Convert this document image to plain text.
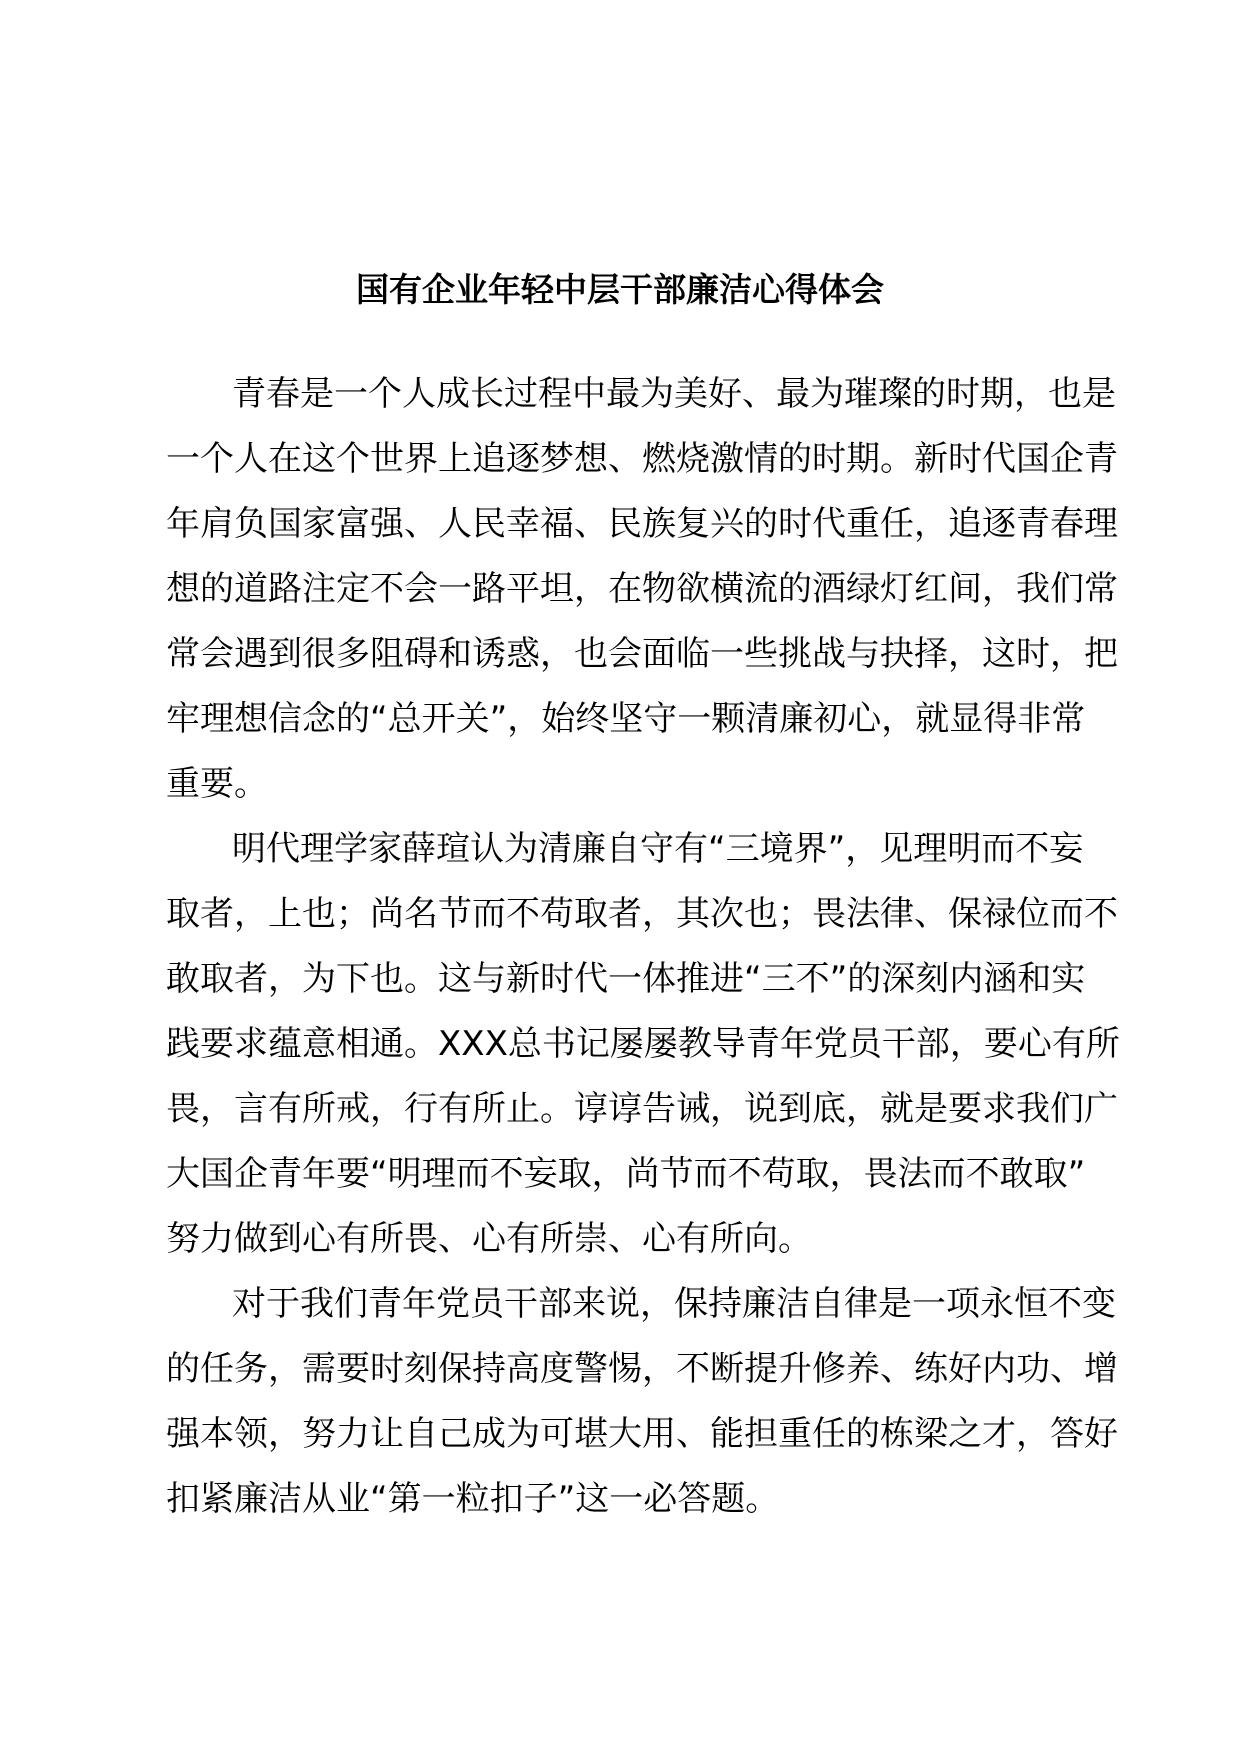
国有企业年轻中层干部廉洁心得体会
青春是一个人成长过程中最为美好、最为璀璨的时期，也是
一个人在这个世界上追逐梦想、燃烧激情的时期。新时代国企青
年肩负国家富强、人民幸福、民族复兴的时代重任，追逐青春理
想的道路注定不会一路平坦，在物欲横流的酒绿灯红间，我们常
常会遇到很多阻碍和诱惑，也会面临一些挑战与抉择，这时，把
牢理想信念的“总开关”，始终坚守一颗清廉初心，就显得非常
重要。
明代理学家薛瑄认为清廉自守有“三境界”，见理明而不妄
取者，上也；尚名节而不苟取者，其次也；畏法律、保禄位而不
敢取者，为下也。这与新时代一体推进“三不”的深刻内涵和实
践要求蕴意相通。XXX总书记屡屡教导青年党员干部，要心有所
畏，言有所戒，行有所止。谆谆告诫，说到底，就是要求我们广
大国企青年要“明理而不妄取，尚节而不苟取，畏法而不敢取”
努力做到心有所畏、心有所崇、心有所向。
对于我们青年党员干部来说，保持廉洁自律是一项永恒不变
的任务，需要时刻保持高度警惕，不断提升修养、练好内功、增
强本领，努力让自己成为可堪大用、能担重任的栋梁之才，答好
扣紧廉洁从业“第一粒扣子”这一必答题。
